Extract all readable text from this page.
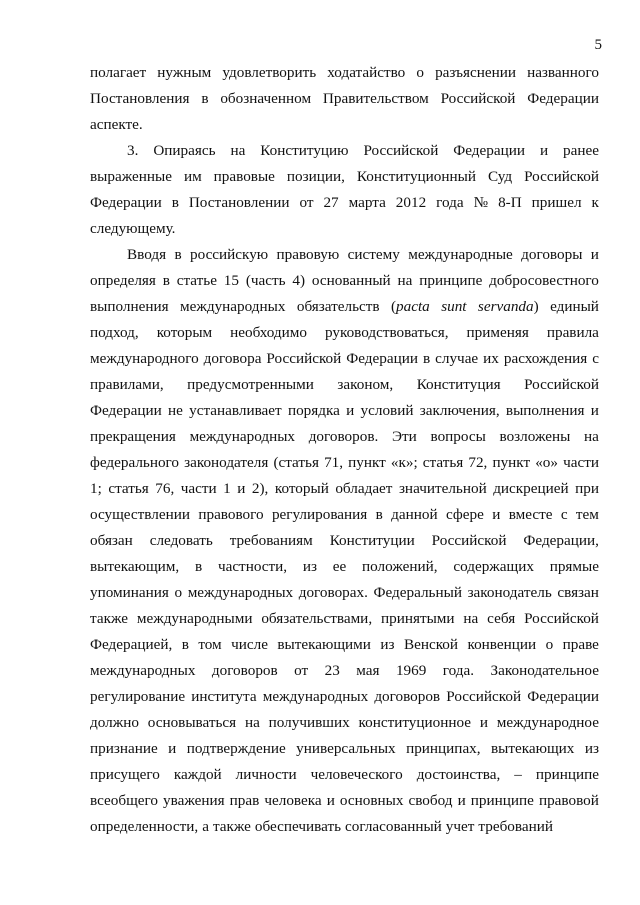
5
полагает нужным удовлетворить ходатайство о разъяснении названного
Постановления в обозначенном Правительством Российской Федерации
аспекте.
3. Опираясь на Конституцию Российской Федерации и ранее
выраженные им правовые позиции, Конституционный Суд Российской
Федерации в Постановлении от 27 марта 2012 года № 8-П пришел к
следующему.
Вводя в российскую правовую систему международные договоры и
определяя в статье 15 (часть 4) основанный на принципе добросовестного
выполнения международных обязательств (pacta sunt servanda) единый
подход, которым необходимо руководствоваться, применяя правила
международного договора Российской Федерации в случае их расхождения с
правилами, предусмотренными законом, Конституция Российской
Федерации не устанавливает порядка и условий заключения, выполнения и
прекращения международных договоров. Эти вопросы возложены на
федерального законодателя (статья 71, пункт «к»; статья 72, пункт «о» части
1; статья 76, части 1 и 2), который обладает значительной дискрецией при
осуществлении правового регулирования в данной сфере и вместе с тем
обязан следовать требованиям Конституции Российской Федерации,
вытекающим, в частности, из ее положений, содержащих прямые
упоминания о международных договорах. Федеральный законодатель связан
также международными обязательствами, принятыми на себя Российской
Федерацией, в том числе вытекающими из Венской конвенции о праве
международных договоров от 23 мая 1969 года. Законодательное
регулирование института международных договоров Российской Федерации
должно основываться на получивших конституционное и международное
признание и подтверждение универсальных принципах, вытекающих из
присущего каждой личности человеческого достоинства, – принципе
всеобщего уважения прав человека и основных свобод и принципе правовой
определенности, а также обеспечивать согласованный учет требований
